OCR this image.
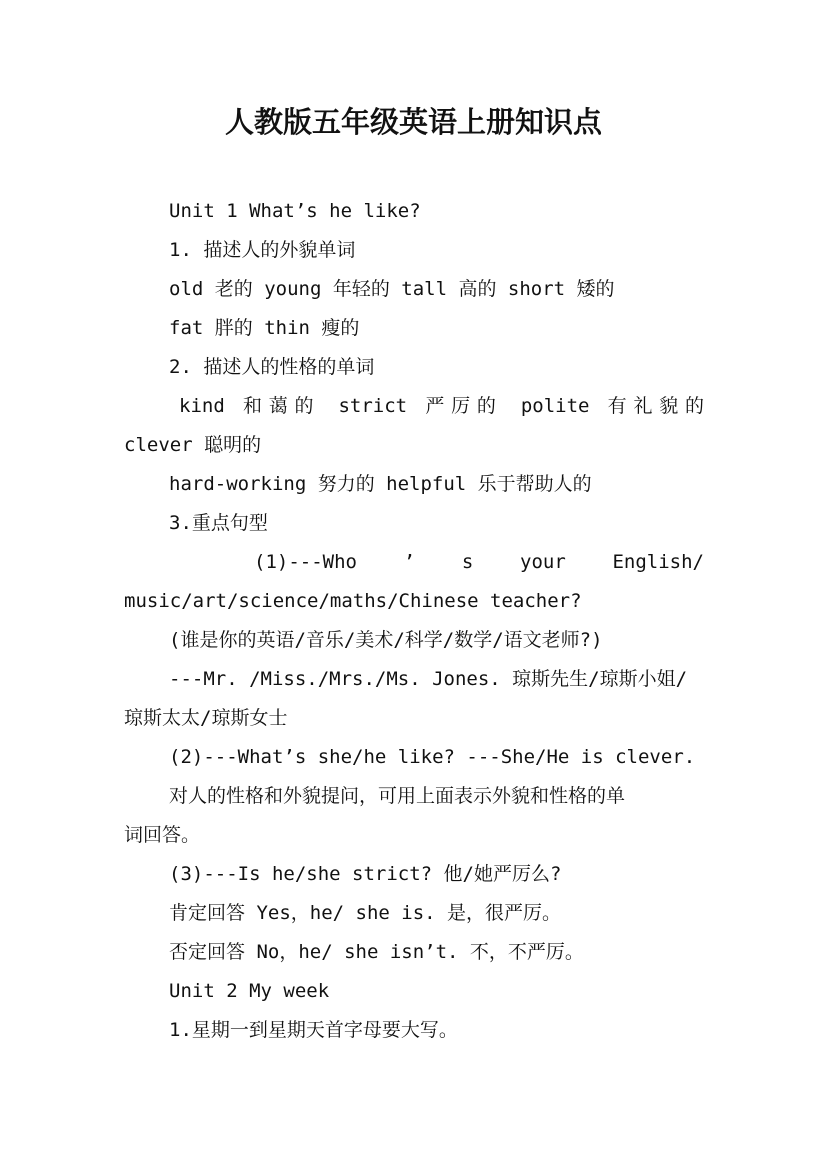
人教版五年级英语上册知识点
Unit 1 What’s he like?
1. 描述人的外貌单词
old 老的 young 年轻的 tall 高的 short 矮的
fat 胖的 thin 瘦的
2. 描述人的性格的单词
kind 和蔼的 strict 严厉的 polite 有礼貌的
clever 聪明的
hard-working 努力的 helpful 乐于帮助人的
3.重点句型
(1)---Who ’ s your English/
music/art/science/maths/Chinese teacher?
(谁是你的英语/音乐/美术/科学/数学/语文老师?)
---Mr. /Miss./Mrs./Ms. Jones. 琼斯先生/琼斯小姐/
琼斯太太/琼斯女士
(2)---What’s she/he like? ---She/He is clever.
对人的性格和外貌提问，可用上面表示外貌和性格的单
词回答。
(3)---Is he/she strict? 他/她严厉么?
肯定回答 Yes，he/ she is. 是，很严厉。
否定回答 No，he/ she isn’t. 不，不严厉。
Unit 2 My week
1.星期一到星期天首字母要大写。
